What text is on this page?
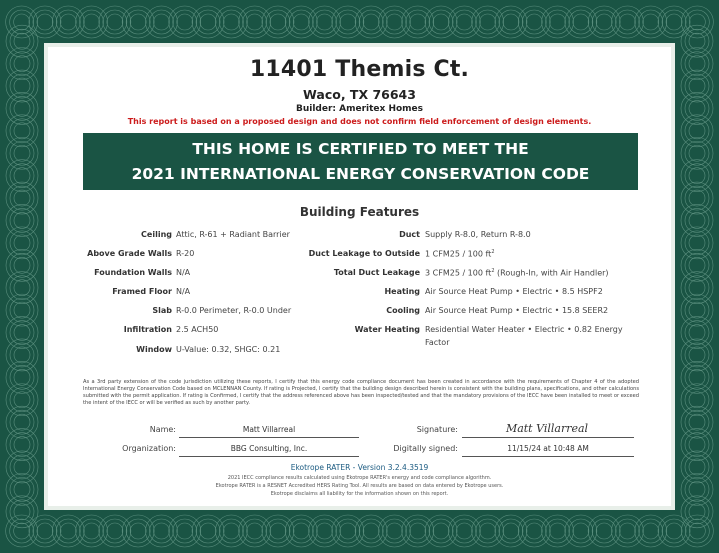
11401 Themis Ct.
Waco, TX 76643
Builder: Ameritex Homes
This report is based on a proposed design and does not confirm field enforcement of design elements.
THIS HOME IS CERTIFIED TO MEET THE
2021 INTERNATIONAL ENERGY CONSERVATION CODE
Building Features
Ceiling Attic, R-61 + Radiant Barrier
Above Grade Walls R-20
Foundation Walls N/A
Framed Floor N/A
Slab R-0.0 Perimeter, R-0.0 Under
Infiltration 2.5 ACH50
Window U-Value: 0.32, SHGC: 0.21
Duct Supply R-8.0, Return R-8.0
Duct Leakage to Outside 1 CFM25 / 100 $ft^2$
Total Duct Leakage 3 CFM25 / 100 $ft^2$ (Rough-In, with Air Handler)
Heating Air Source Heat Pump • Electric • 8.5 HSPF2
Cooling Air Source Heat Pump • Electric • 15.8 SEER2
Water Heating Residential Water Heater • Electric • 0.82 Energy
Factor
As a 3rd party extension of the code jurisdiction utilizing these reports, I certify that this energy code compliance document has been created in accordance with the requirements of Chapter 4 of the adopted International Energy Conservation Code based on MCLENNAN County. If rating is Projected, I certify that the building design described herein is consistent with the building plans, specifications, and other calculations submitted with the permit application. If rating is Confirmed, I certify that the address referenced above has been inspected/tested and that the mandatory provisions of the IECC have been installed to meet or exceed the intent of the IECC or will be verified as such by another party.
Name:	Matt Villarreal
Organization:	BBG Consulting, Inc.
Signature:	Matt Villarreal
Digitally signed:	11/15/24 at 10:48 AM
Ekotrope RATER - Version 3.2.4.3519
2021 IECC compliance results calculated using Ekotrope RATER's energy and code compliance algorithm.
Ekotrope RATER is a RESNET Accredited HERS Rating Tool. All results are based on data entered by Ekotrope users.
Ekotrope disclaims all liability for the information shown on this report.
